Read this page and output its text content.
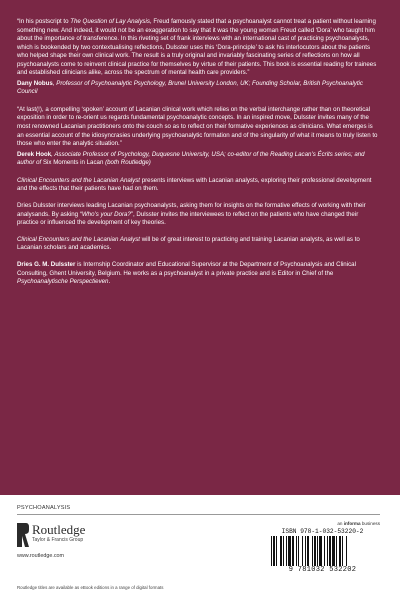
“In his postscript to The Question of Lay Analysis, Freud famously stated that a psychoanalyst cannot treat a patient without learning something new. And indeed, it would not be an exaggeration to say that it was the young woman Freud called ‘Dora’ who taught him about the importance of transference. In this riveting set of frank interviews with an international cast of practicing psychoanalysts, which is bookended by two contextualising reflections, Dulsster uses this ‘Dora-principle’ to ask his interlocutors about the patients who helped shape their own clinical work. The result is a truly original and invariably fascinating series of reflections on how all psychoanalysts come to reinvent clinical practice for themselves by virtue of their patients. This book is essential reading for trainees and established clinicians alike, across the spectrum of mental health care providers.”
Dany Nobus, Professor of Psychoanalytic Psychology, Brunel University London, UK; Founding Scholar, British Psychoanalytic Council
“At last(!), a compelling ‘spoken’ account of Lacanian clinical work which relies on the verbal interchange rather than on theoretical exposition in order to re-orient us regards fundamental psychoanalytic concepts. In an inspired move, Dulsster invites many of the most renowned Lacanian practitioners onto the couch so as to reflect on their formative experiences as clinicians. What emerges is an essential account of the idiosyncrasies underlying psychoanalytic formation and of the singularity of what it means to truly listen to those who enter the analytic situation.”
Derek Hook, Associate Professor of Psychology, Duquesne University, USA; co-editor of the Reading Lacan’s Écrits series; and author of Six Moments in Lacan (both Routledge)
Clinical Encounters and the Lacanian Analyst presents interviews with Lacanian analysts, exploring their professional development and the effects that their patients have had on them.
Dries Dulsster interviews leading Lacanian psychoanalysts, asking them for insights on the formative effects of working with their analysands. By asking “Who’s your Dora?”, Dulsster invites the interviewees to reflect on the patients who have changed their practice or influenced the development of key theories.
Clinical Encounters and the Lacanian Analyst will be of great interest to practicing and training Lacanian analysts, as well as to Lacanian scholars and academics.
Dries G. M. Dulsster is Internship Coordinator and Educational Supervisor at the Department of Psychoanalysis and Clinical Consulting, Ghent University, Belgium. He works as a psychoanalyst in a private practice and is Editor in Chief of the Psychoanalytische Perspectieven.
PSYCHOANALYSIS
Routledge
Taylor & Francis Group
www.routledge.com
an informa business
ISBN 978-1-032-53220-2
9 781032 532202
Routledge titles are available as eBook editions in a range of digital formats
